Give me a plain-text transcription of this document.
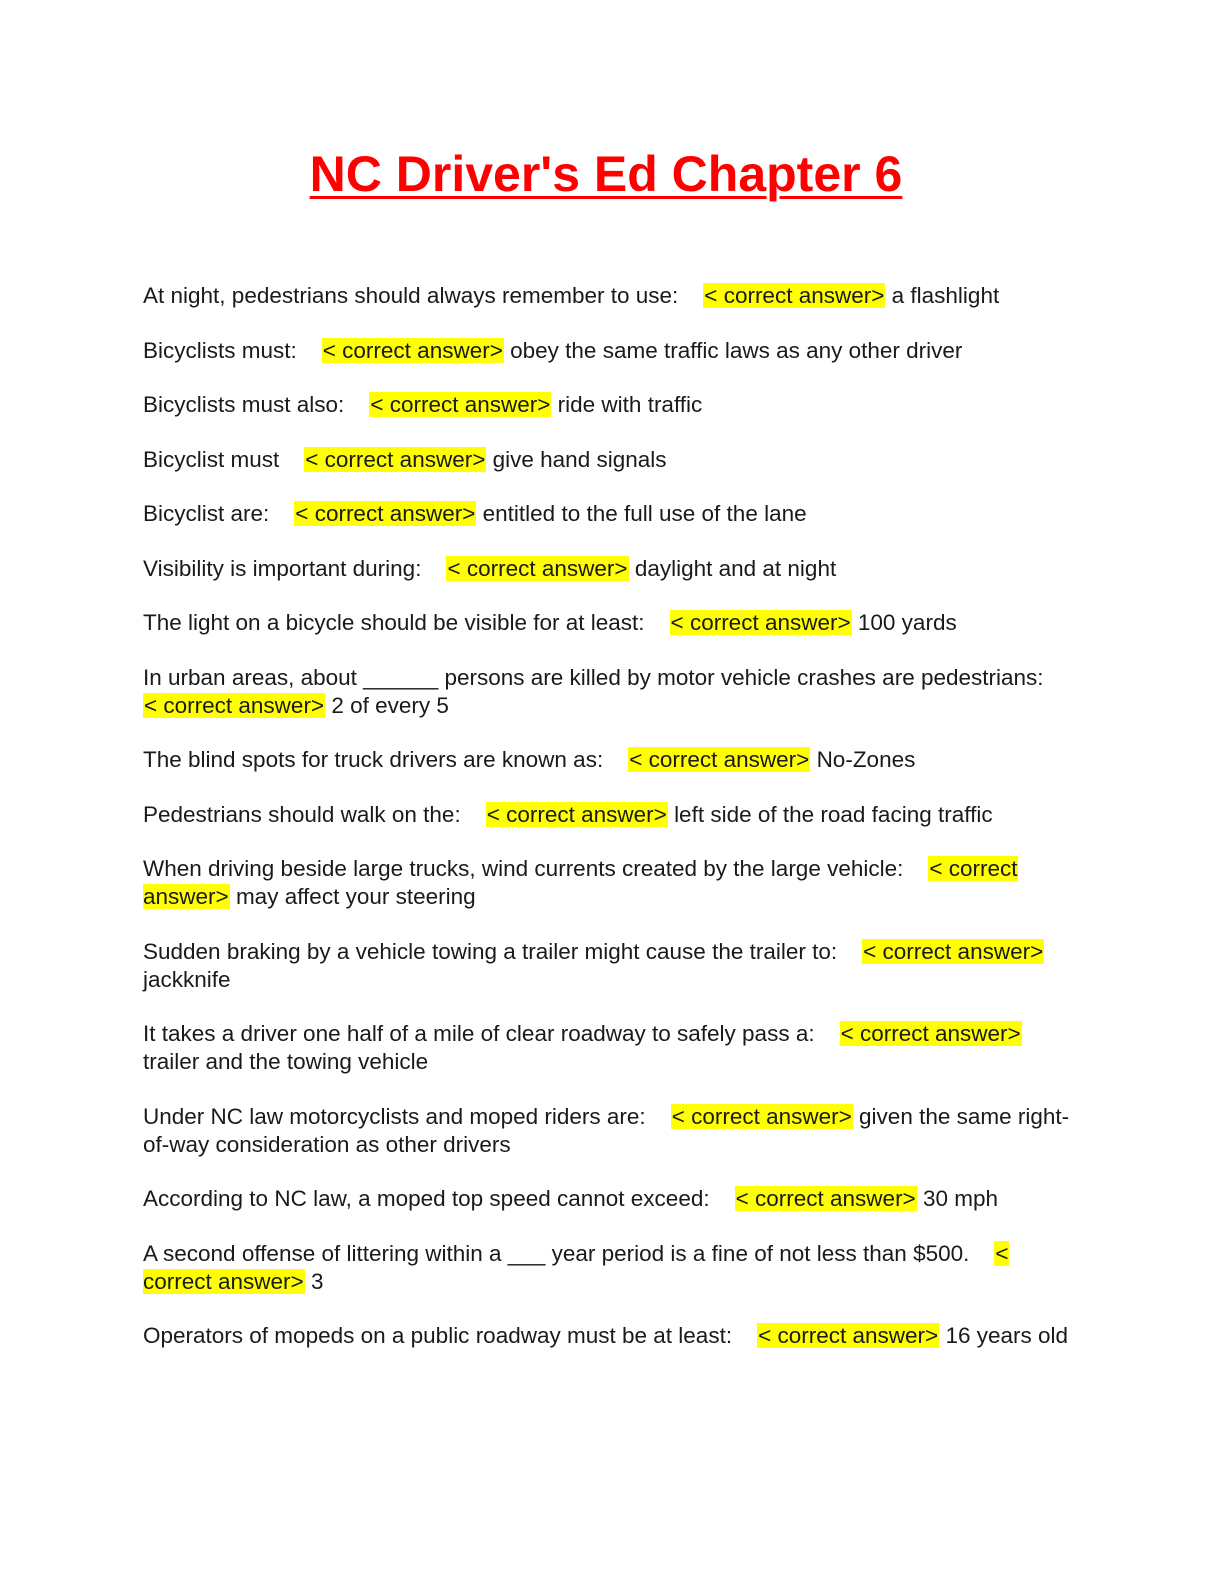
NC Driver's Ed Chapter 6
At night, pedestrians should always remember to use: < correct answer> a flashlight
Bicyclists must: < correct answer> obey the same traffic laws as any other driver
Bicyclists must also: < correct answer> ride with traffic
Bicyclist must < correct answer> give hand signals
Bicyclist are: < correct answer> entitled to the full use of the lane
Visibility is important during: < correct answer> daylight and at night
The light on a bicycle should be visible for at least: < correct answer> 100 yards
In urban areas, about ______ persons are killed by motor vehicle crashes are pedestrians:    < correct answer> 2 of every 5
The blind spots for truck drivers are known as: < correct answer> No-Zones
Pedestrians should walk on the: < correct answer> left side of the road facing traffic
When driving beside large trucks, wind currents created by the large vehicle: < correct answer> may affect your steering
Sudden braking by a vehicle towing a trailer might cause the trailer to: < correct answer> jackknife
It takes a driver one half of a mile of clear roadway to safely pass a: < correct answer> trailer and the towing vehicle
Under NC law motorcyclists and moped riders are: < correct answer> given the same right-of-way consideration as other drivers
According to NC law, a moped top speed cannot exceed: < correct answer> 30 mph
A second offense of littering within a ___ year period is a fine of not less than $500. < correct answer> 3
Operators of mopeds on a public roadway must be at least: < correct answer> 16 years old
